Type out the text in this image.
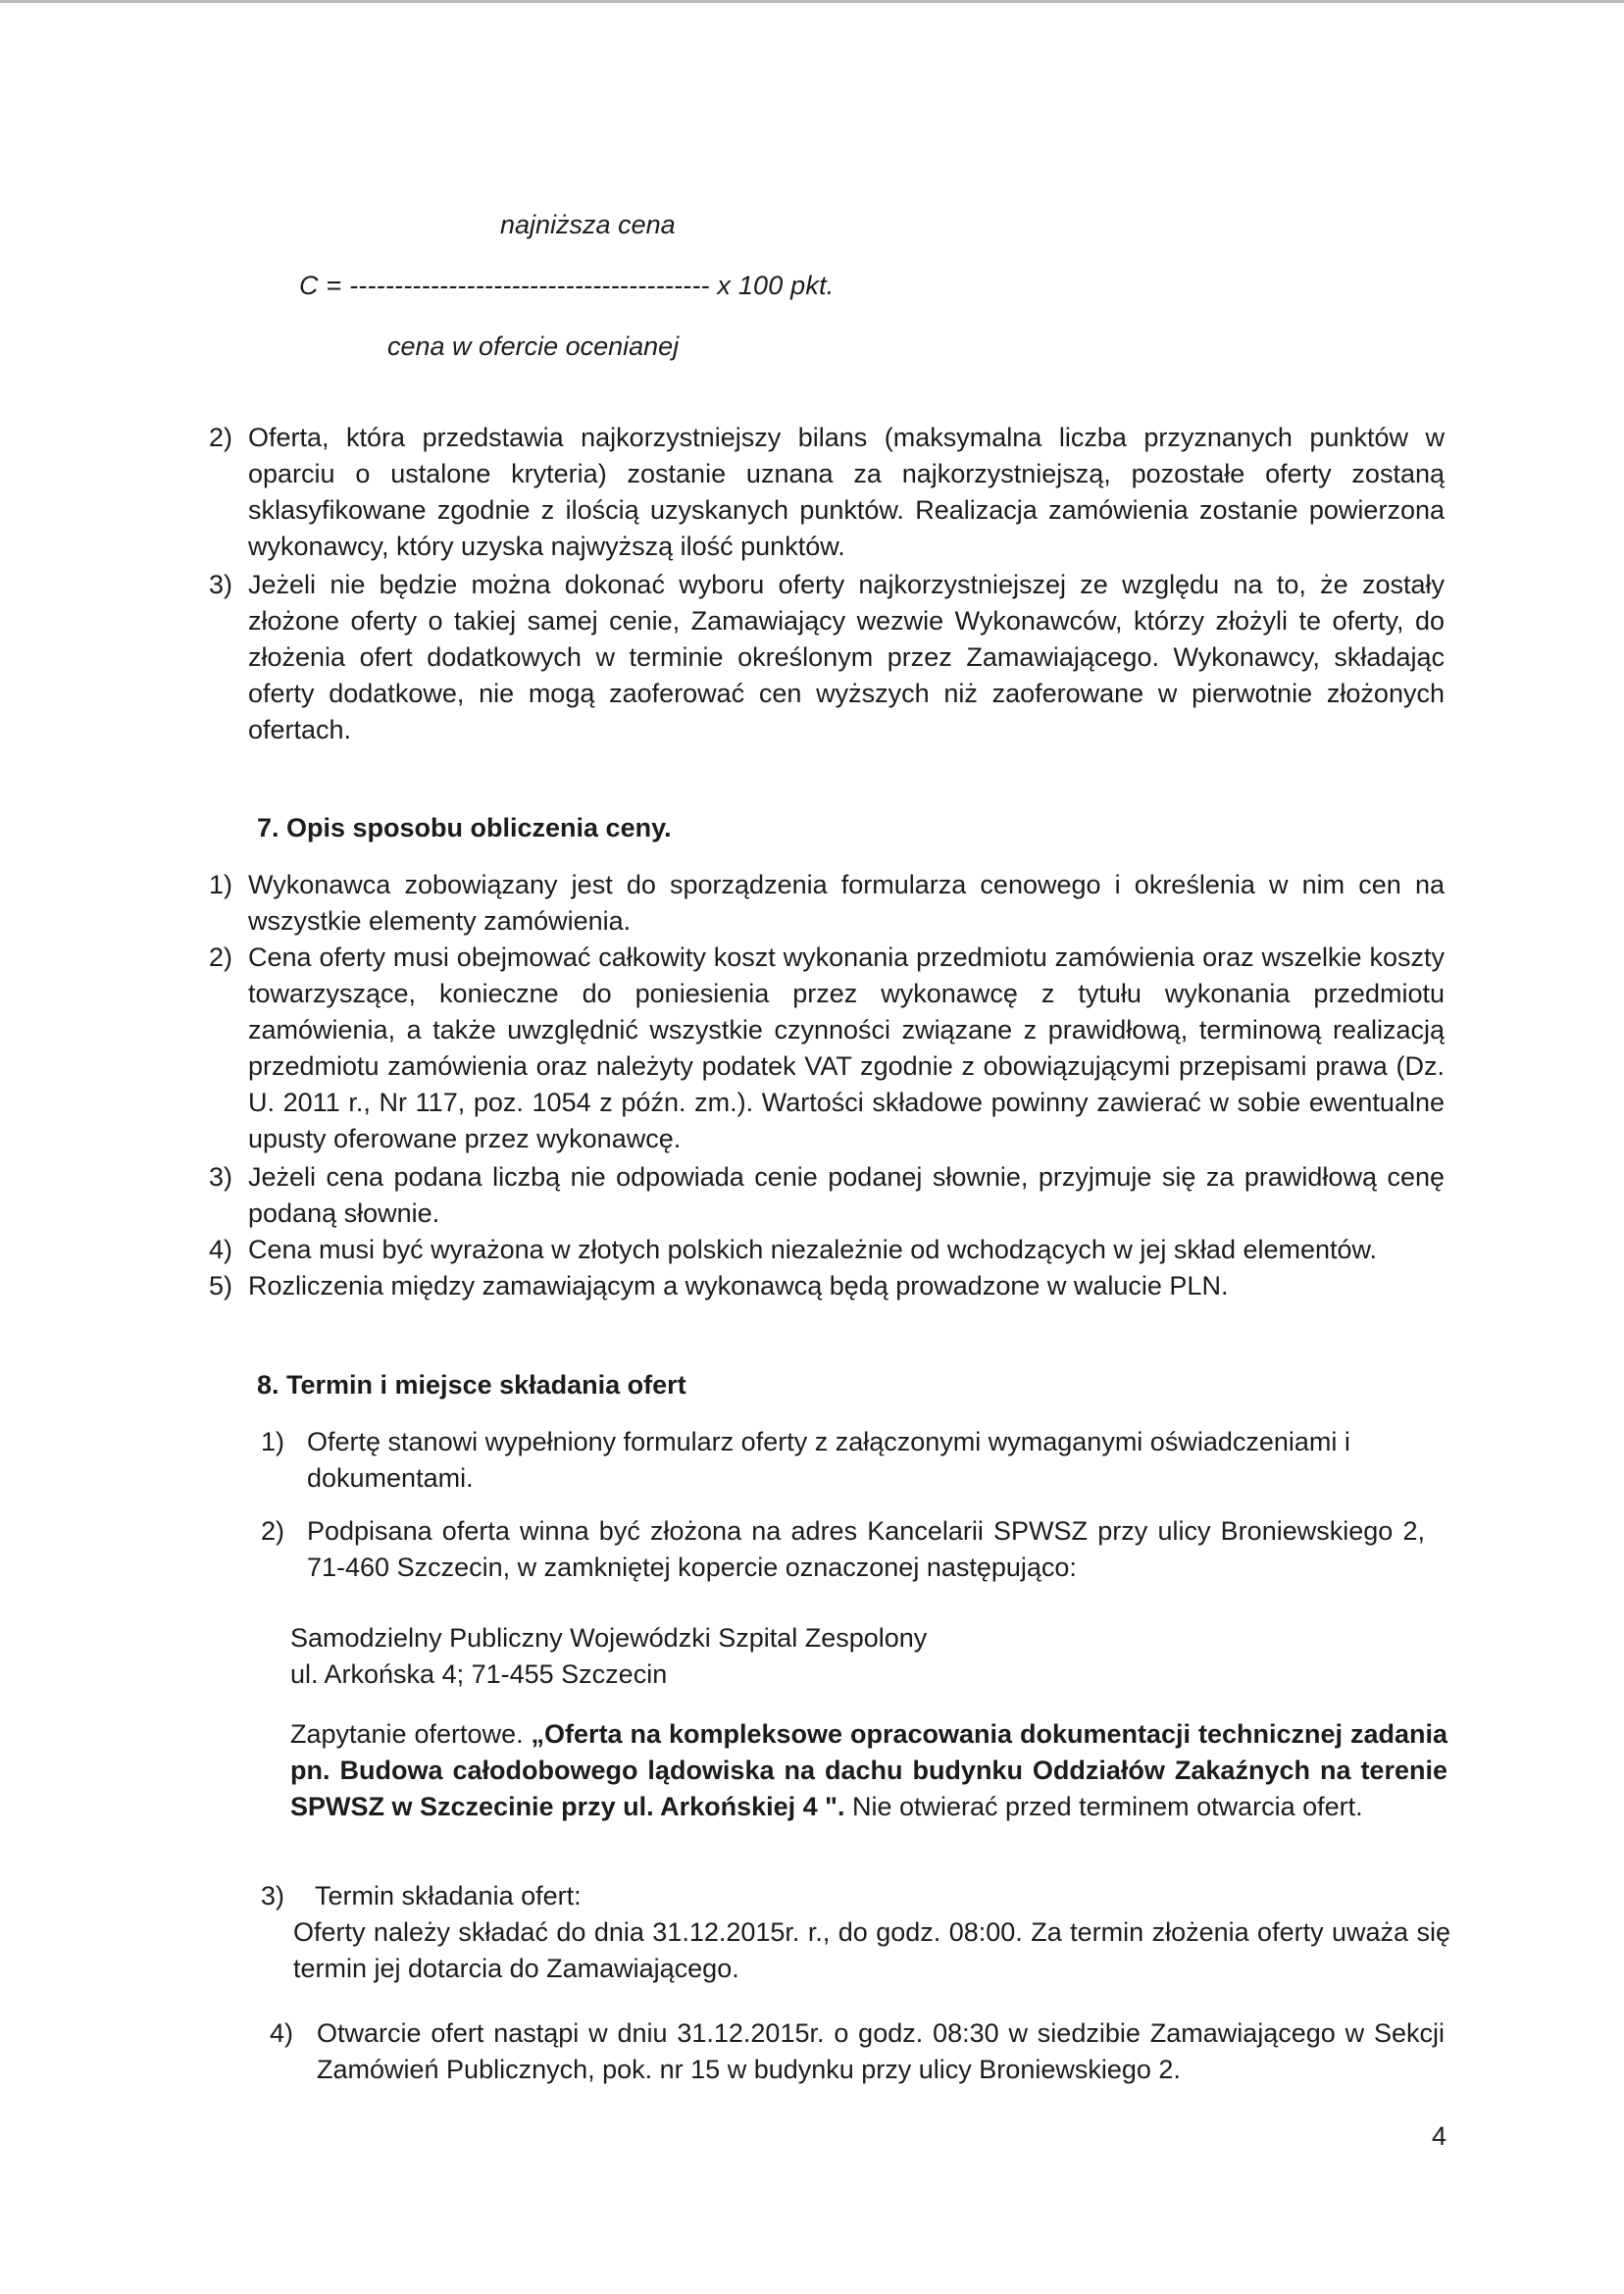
najniższa cena
C = ---------------------------------------- x 100 pkt.
cena w ofercie ocenianej
2) Oferta, która przedstawia najkorzystniejszy bilans (maksymalna liczba przyznanych punktów w oparciu o ustalone kryteria) zostanie uznana za najkorzystniejszą, pozostałe oferty zostaną sklasyfikowane zgodnie z ilością uzyskanych punktów. Realizacja zamówienia zostanie powierzona wykonawcy, który uzyska najwyższą ilość punktów.
3) Jeżeli nie będzie można dokonać wyboru oferty najkorzystniejszej ze względu na to, że zostały złożone oferty o takiej samej cenie, Zamawiający wezwie Wykonawców, którzy złożyli te oferty, do złożenia ofert dodatkowych w terminie określonym przez Zamawiającego. Wykonawcy, składając oferty dodatkowe, nie mogą zaoferować cen wyższych niż zaoferowane w pierwotnie złożonych ofertach.
7. Opis sposobu obliczenia ceny.
1) Wykonawca zobowiązany jest do sporządzenia formularza cenowego i określenia w nim cen na wszystkie elementy zamówienia.
2) Cena oferty musi obejmować całkowity koszt wykonania przedmiotu zamówienia oraz wszelkie koszty towarzyszące, konieczne do poniesienia przez wykonawcę z tytułu wykonania przedmiotu zamówienia, a także uwzględnić wszystkie czynności związane z prawidłową, terminową realizacją przedmiotu zamówienia oraz należyty podatek VAT zgodnie z obowiązującymi przepisami prawa (Dz. U. 2011 r., Nr 117, poz. 1054 z późn. zm.). Wartości składowe powinny zawierać w sobie ewentualne upusty oferowane przez wykonawcę.
3) Jeżeli cena podana liczbą nie odpowiada cenie podanej słownie, przyjmuje się za prawidłową cenę podaną słownie.
4) Cena musi być wyrażona w złotych polskich niezależnie od wchodzących w jej skład elementów.
5) Rozliczenia między zamawiającym a wykonawcą będą prowadzone w walucie PLN.
8. Termin i miejsce składania ofert
1) Ofertę stanowi wypełniony formularz oferty z załączonymi wymaganymi oświadczeniami i dokumentami.
2) Podpisana oferta winna być złożona na adres Kancelarii SPWSZ przy ulicy Broniewskiego 2, 71-460 Szczecin, w zamkniętej kopercie oznaczonej następująco:
Samodzielny Publiczny Wojewódzki Szpital Zespolony
ul. Arkońska 4; 71-455 Szczecin
Zapytanie ofertowe. „Oferta na kompleksowe opracowania dokumentacji technicznej zadania pn. Budowa całodobowego lądowiska na dachu budynku Oddziałów Zakaźnych na terenie SPWSZ w Szczecinie przy ul. Arkońskiej 4 ". Nie otwierać przed terminem otwarcia ofert.
3) Termin składania ofert:
Oferty należy składać do dnia 31.12.2015r. r., do godz. 08:00. Za termin złożenia oferty uważa się termin jej dotarcia do Zamawiającego.
4) Otwarcie ofert nastąpi w dniu 31.12.2015r. o godz. 08:30 w siedzibie Zamawiającego w Sekcji Zamówień Publicznych, pok. nr 15 w budynku przy ulicy Broniewskiego 2.
4
